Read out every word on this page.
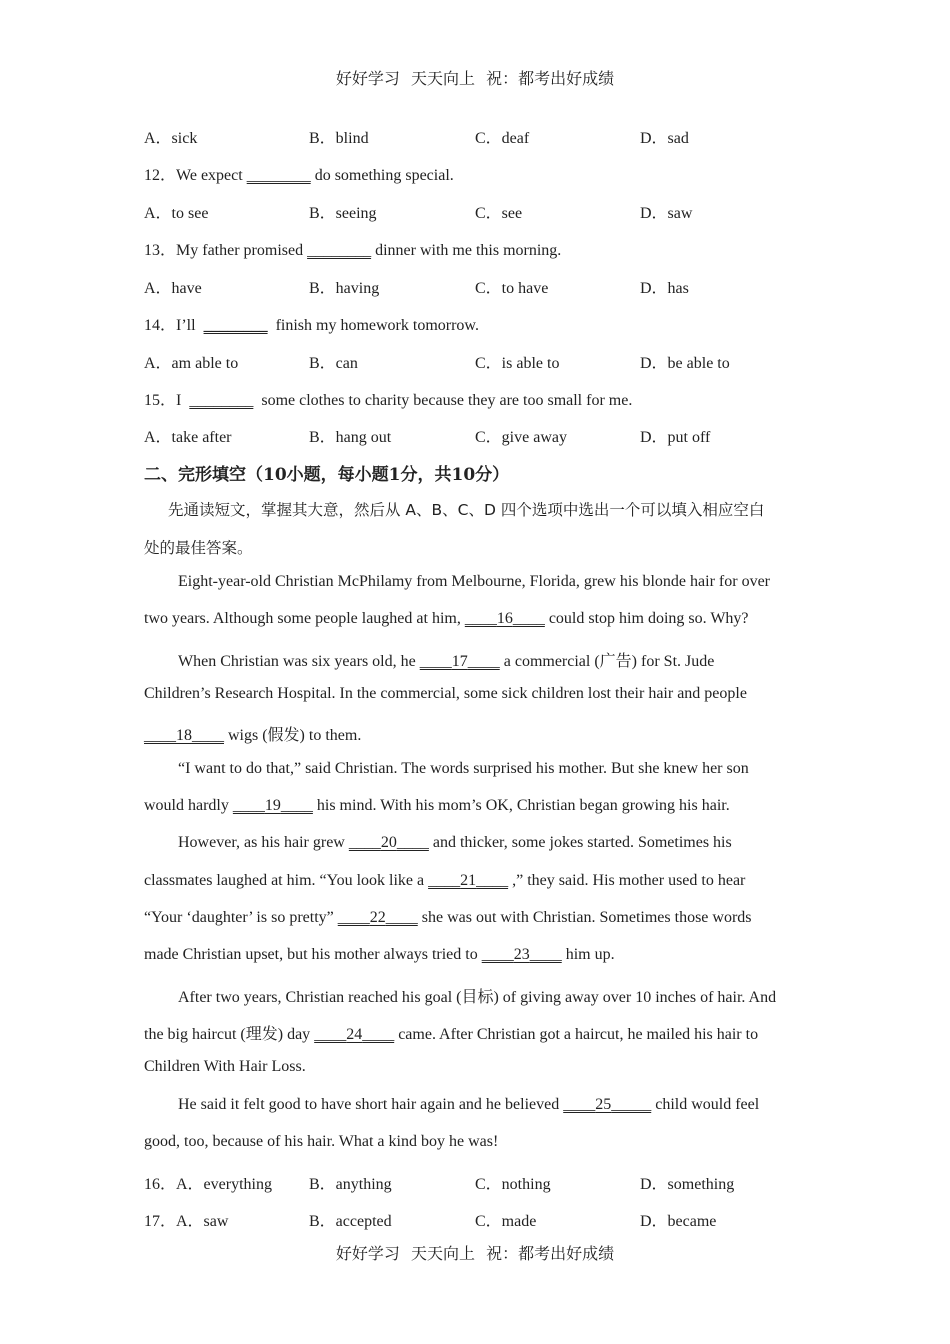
好好学习 天天向上 祝：都考出好成绩
A．sick	B．blind	C．deaf	D．sad
12．We expect ________ do something special.
A．to see	B．seeing	C．see	D．saw
13．My father promised ________ dinner with me this morning.
A．have	B．having	C．to have	D．has
14．I’ll ________ finish my homework tomorrow.
A．am able to	B．can	C．is able to	D．be able to
15．I ________ some clothes to charity because they are too small for me.
A．take after	B．hang out	C．give away	D．put off
二、完形填空（10小题，每小题1分，共10分）
先通读短文，掌握其大意，然后从 A、B、C、D 四个选项中选出一个可以填入相应空白
处的最佳答案。
Eight-year-old Christian McPhilamy from Melbourne, Florida, grew his blonde hair for over
two years. Although some people laughed at him, ____16____ could stop him doing so. Why?
When Christian was six years old, he ____17____ a commercial (广告) for St. Jude
Children’s Research Hospital. In the commercial, some sick children lost their hair and people
____18____ wigs (假发) to them.
“I want to do that,” said Christian. The words surprised his mother. But she knew her son
would hardly ____19____ his mind. With his mom’s OK, Christian began growing his hair.
However, as his hair grew ____20____ and thicker, some jokes started. Sometimes his
classmates laughed at him. “You look like a ____21____ ,” they said. His mother used to hear
“Your ‘daughter’ is so pretty” ____22____ she was out with Christian. Sometimes those words
made Christian upset, but his mother always tried to ____23____ him up.
After two years, Christian reached his goal (目标) of giving away over 10 inches of hair. And
the big haircut (理发) day ____24____ came. After Christian got a haircut, he mailed his hair to
Children With Hair Loss.
He said it felt good to have short hair again and he believed ____25_____ child would feel
good, too, because of his hair. What a kind boy he was!
16．A．everything B．anything	C．nothing	D．something
17．A．saw	B．accepted	C．made	D．became
好好学习 天天向上 祝：都考出好成绩
